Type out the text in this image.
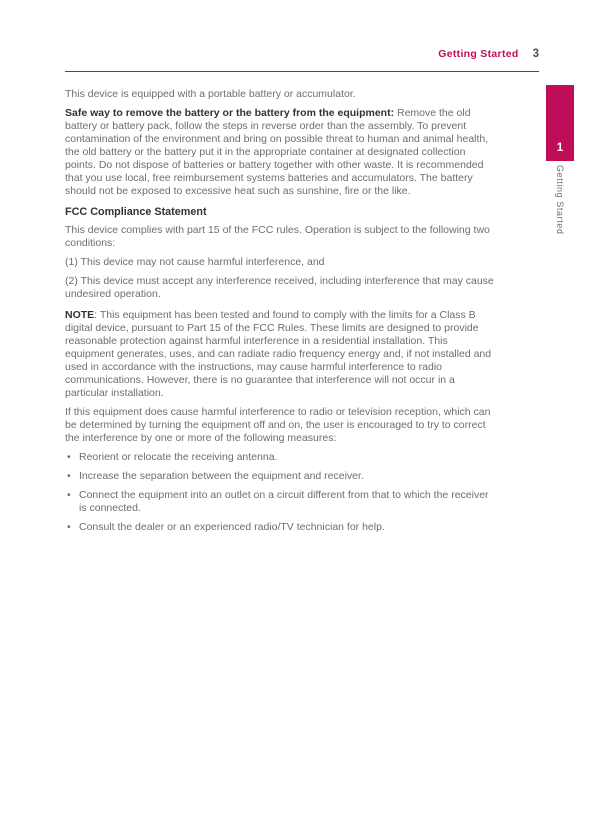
Getting Started 3
1
Getting Started

This device is equipped with a portable battery or accumulator.

Safe way to remove the battery or the battery from the equipment: Remove the old battery or battery pack, follow the steps in reverse order than the assembly. To prevent contamination of the environment and bring on possible threat to human and animal health, the old battery or the battery put it in the appropriate container at designated collection points. Do not dispose of batteries or battery together with other waste. It is recommended that you use local, free reimbursement systems batteries and accumulators. The battery should not be exposed to excessive heat such as sunshine, fire or the like.

FCC Compliance Statement

This device complies with part 15 of the FCC rules. Operation is subject to the following two conditions:

(1) This device may not cause harmful interference, and

(2) This device must accept any interference received, including interference that may cause undesired operation.

NOTE: This equipment has been tested and found to comply with the limits for a Class B digital device, pursuant to Part 15 of the FCC Rules. These limits are designed to provide reasonable protection against harmful interference in a residential installation. This equipment generates, uses, and can radiate radio frequency energy and, if not installed and used in accordance with the instructions, may cause harmful interference to radio communications. However, there is no guarantee that interference will not occur in a particular installation.

If this equipment does cause harmful interference to radio or television reception, which can be determined by turning the equipment off and on, the user is encouraged to try to correct the interference by one or more of the following measures:

• Reorient or relocate the receiving antenna.
• Increase the separation between the equipment and receiver.
• Connect the equipment into an outlet on a circuit different from that to which the receiver is connected.
• Consult the dealer or an experienced radio/TV technician for help.
